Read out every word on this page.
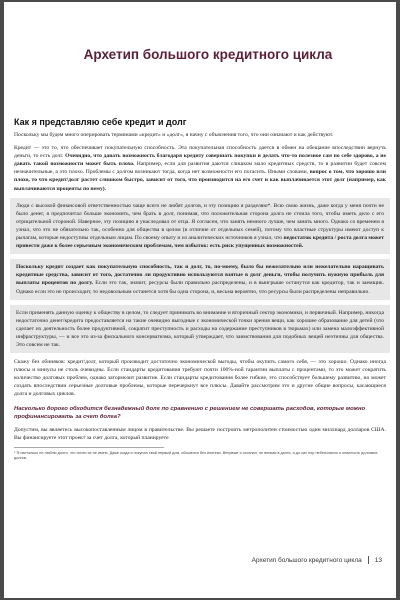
Архетип большого кредитного цикла
Как я представляю себе кредит и долг

Поскольку мы будем много оперировать терминами «кредит» и «долг», я начну с объяснения того, что они означают и как действуют.

Кредит — это то, что обеспечивает покупательную способность. Эта покупательная способность дается в обмен на обещание впоследствии вернуть деньги, то есть долг. Очевидно, что давать возможность благодаря кредиту совершать покупки и делать что-то полезное сам по себе здорово, а не давать такой возможности может быть плохо. Например, если для развития даются слишком мало кредитных средств, то в развитии будет совсем незначительные, а это плохо. Проблемы с долгом возникают тогда, когда нет возможности его погасить. Иными словами, вопрос о том, что хорошо или плохо, то что кредит/долг растет слишком быстро, зависит от того, что производится на его счет и как выплачивается этот долг (например, как выплачиваются проценты по нему).

Люди с высокой финансовой ответственностью чаще всего не любят долгов, и эту позицию я разделяю*. Всю свою жизнь, даже когда у меня почти не было денег, я предпочитал больше экономить, чем брать в долг, понимая, что положительная сторона долга не стоила того, чтобы иметь дело с его отрицательной стороной. Наверное, эту позицию я унаследовал от отца. Я согласен, что занять немного лучше, чем занять много. Однако со временем я узнал, что это не обязательно так, особенно для общества в целом (в отличие от отдельных семей), потому что властные структуры имеют доступ к рычагам, которые недоступны отдельным лицам. По своему опыту и из аналитических источников я узнал, что недостаток кредита / роста долга может привести даже к более серьезным экономическим проблемам, чем избыток: есть риск упущенных возможностей.

Поскольку кредит создает как покупательную способность, так и долг, то, по-моему, было бы нежелательно или нежелательно наращивать кредитные средства, зависит от того, достаточно ли продуктивно используются взятые в долг деньги, чтобы получить нужную прибыль для выплаты процентов по долгу. Если это так, значит, ресурсы были правильно распределены, и в выигрыше останутся как кредитор, так и заемщик. Однако если это не происходит, то недовольным останется хотя бы одна сторона, и, весьма вероятно, что ресурсы были распределены неправильно.

Если применять данную оценку к обществу в целом, то следует принимать во внимание и вторичный сектор экономики, и первичный. Например, никогда недостаточно денег/кредита предоставляется на такие очевидно выгодные с экономической точки зрения вещи, как хорошее образование для детей (что сделает их деятельность более продуктивной, сократит преступность и расходы на содержание преступников в тюрьмах) или замена малоэффективной инфраструктуры, — и все это из-за фискального консерватизма, который утверждает, что заимствования для подобных вещей неэтичны для общества. Это совсем не так.

Скажу без обиняков: кредит/долг, который производит достаточно экономической выгоды, чтобы окупить самого себя, — это хорошо. Однако иногда плюсы и минусы не столь очевидны. Если стандарты кредитования требуют почти 100%-ной гарантии выплаты с процентами, то это может сократить количество долговых проблем, однако затормозит развитие. Если стандарты кредитования более гибкие, это способствует большему развитию, но может создать впоследствии серьезные долговые проблемы, которые перечеркнут все плюсы. Давайте рассмотрим это и другие общие вопросы, касающиеся долга и долговых циклов.

Насколько дорого обходится безнадежный долг по сравнению с решением не совершать расходов, которые можно профинансировать за счет долга?

Допустим, вы являетесь высокопоставленным лицом в правительстве. Вы решаете построить метрополитен стоимостью один миллиард долларов США. Вы финансируете этот проект за счет долга, который планируете

* Я настолько не люблю долги, что почти их не имею. Даже когда я покупал свой первый дом, обошелся без ипотеки. Впервые я осознал, не вникая в долги, и до сих пор небезопасно и опасность долговых долгов.

Архетип большого кредитного цикла 13
